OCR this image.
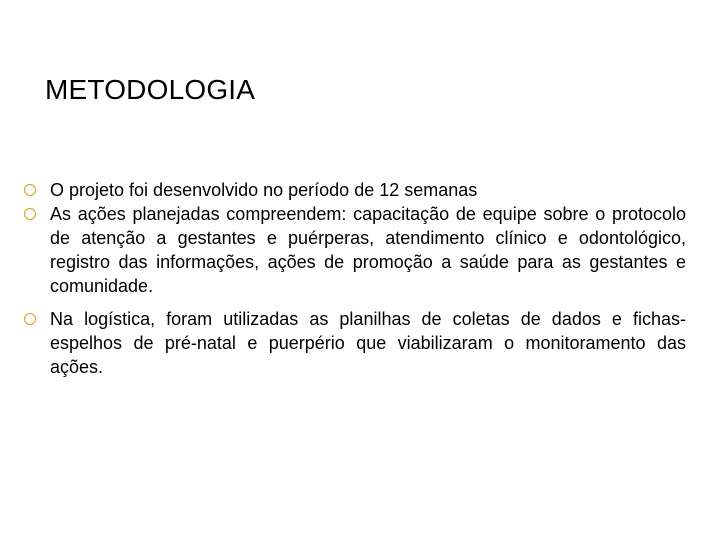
METODOLOGIA
O projeto foi desenvolvido no período de 12 semanas
As ações planejadas compreendem: capacitação de equipe sobre o protocolo de atenção a gestantes e puérperas, atendimento clínico e odontológico, registro das informações, ações de promoção a saúde para as gestantes e comunidade.
Na logística, foram utilizadas as planilhas de coletas de dados e fichas-espelhos de pré-natal e puerpério que viabilizaram o monitoramento das ações.
